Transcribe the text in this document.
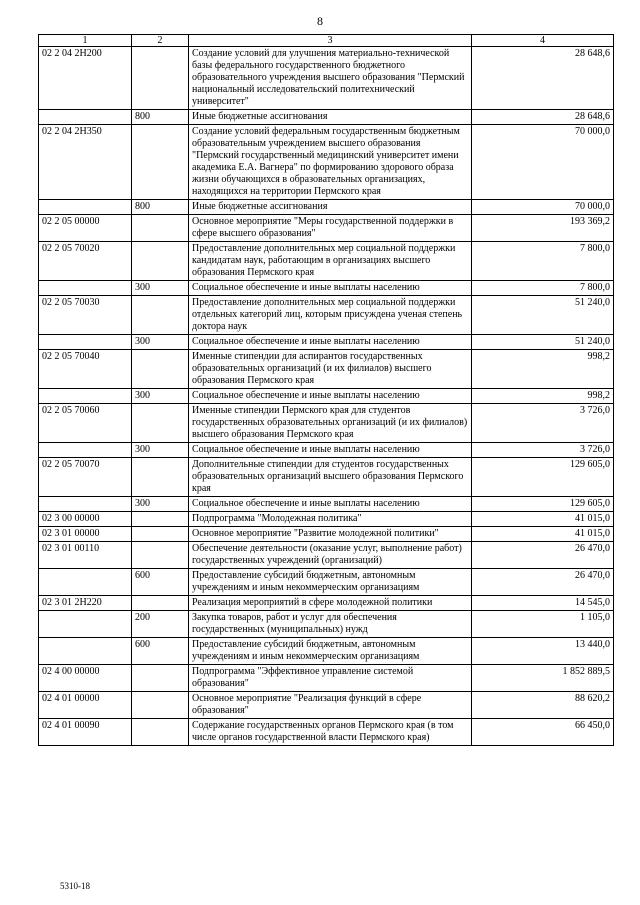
8
1	2	3	4
02 2 04 2Н200		Создание условий для улучшения материально-технической базы федерального государственного бюджетного образовательного учреждения высшего образования "Пермский национальный исследовательский политехнический университет"	28 648,6
	800	Иные бюджетные ассигнования	28 648,6
02 2 04 2Н350		Создание условий федеральным государственным бюджетным образовательным учреждением высшего образования "Пермский государственный медицинский университет имени академика Е.А. Вагнера" по формированию здорового образа жизни обучающихся в образовательных организациях, находящихся на территории Пермского края	70 000,0
	800	Иные бюджетные ассигнования	70 000,0
02 2 05 00000		Основное мероприятие "Меры государственной поддержки в сфере высшего образования"	193 369,2
02 2 05 70020		Предоставление дополнительных мер социальной поддержки кандидатам наук, работающим в организациях высшего образования Пермского края	7 800,0
	300	Социальное обеспечение и иные выплаты населению	7 800,0
02 2 05 70030		Предоставление дополнительных мер социальной поддержки отдельных категорий лиц, которым присуждена ученая степень доктора наук	51 240,0
	300	Социальное обеспечение и иные выплаты населению	51 240,0
02 2 05 70040		Именные стипендии для аспирантов государственных образовательных организаций (и их филиалов) высшего образования Пермского края	998,2
	300	Социальное обеспечение и иные выплаты населению	998,2
02 2 05 70060		Именные стипендии Пермского края для студентов государственных образовательных организаций (и их филиалов) высшего образования Пермского края	3 726,0
	300	Социальное обеспечение и иные выплаты населению	3 726,0
02 2 05 70070		Дополнительные стипендии для студентов государственных образовательных организаций высшего образования Пермского края	129 605,0
	300	Социальное обеспечение и иные выплаты населению	129 605,0
02 3 00 00000		Подпрограмма "Молодежная политика"	41 015,0
02 3 01 00000		Основное мероприятие "Развитие молодежной политики"	41 015,0
02 3 01 00110		Обеспечение деятельности (оказание услуг, выполнение работ) государственных учреждений (организаций)	26 470,0
	600	Предоставление субсидий бюджетным, автономным учреждениям и иным некоммерческим организациям	26 470,0
02 3 01 2Н220		Реализация мероприятий в сфере молодежной политики	14 545,0
	200	Закупка товаров, работ и услуг для обеспечения государственных (муниципальных) нужд	1 105,0
	600	Предоставление субсидий бюджетным, автономным учреждениям и иным некоммерческим организациям	13 440,0
02 4 00 00000		Подпрограмма "Эффективное управление системой образования"	1 852 889,5
02 4 01 00000		Основное мероприятие "Реализация функций в сфере образования"	88 620,2
02 4 01 00090		Содержание государственных органов Пермского края (в том числе органов государственной власти Пермского края)	66 450,0
5310-18
